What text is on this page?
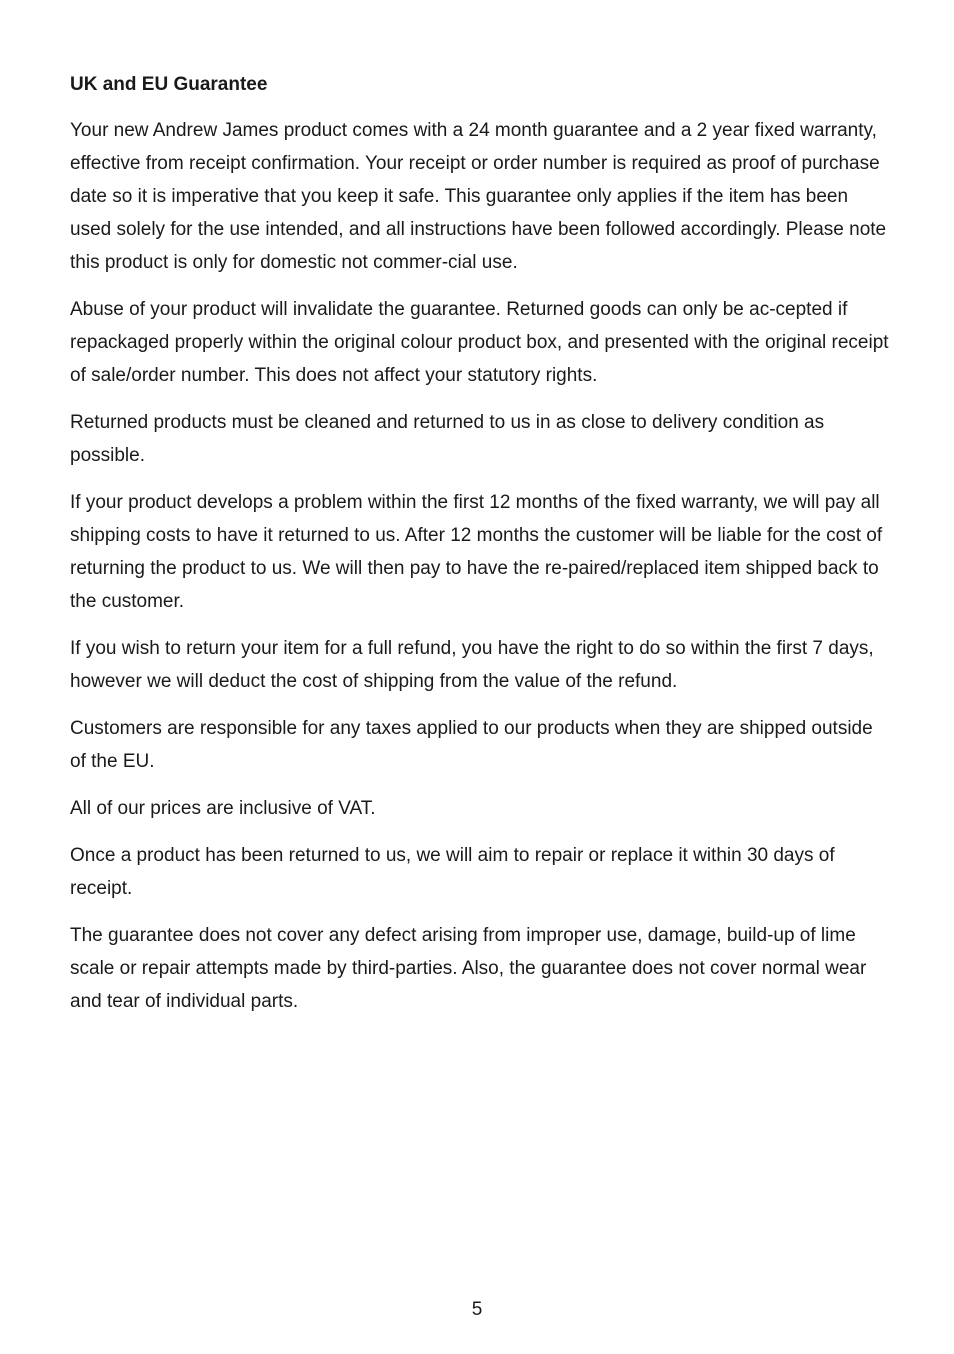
UK and EU Guarantee

Your new Andrew James product comes with a 24 month guarantee and a 2 year fixed warranty, effective from receipt confirmation. Your receipt or order number is required as proof of purchase date so it is imperative that you keep it safe. This guarantee only applies if the item has been used solely for the use intended, and all instructions have been followed accordingly. Please note this product is only for domestic not commer-cial use.

Abuse of your product will invalidate the guarantee. Returned goods can only be ac-cepted if repackaged properly within the original colour product box, and presented with the original receipt of sale/order number. This does not affect your statutory rights.

Returned products must be cleaned and returned to us in as close to delivery condition as possible.

If your product develops a problem within the first 12 months of the fixed warranty, we will pay all shipping costs to have it returned to us. After 12 months the customer will be liable for the cost of returning the product to us. We will then pay to have the re-paired/replaced item shipped back to the customer.

If you wish to return your item for a full refund, you have the right to do so within the first 7 days, however we will deduct the cost of shipping from the value of the refund.

Customers are responsible for any taxes applied to our products when they are shipped outside of the EU.

All of our prices are inclusive of VAT.

Once a product has been returned to us, we will aim to repair or replace it within 30 days of receipt.

The guarantee does not cover any defect arising from improper use, damage, build-up of lime scale or repair attempts made by third-parties. Also, the guarantee does not cover normal wear and tear of individual parts.

5
